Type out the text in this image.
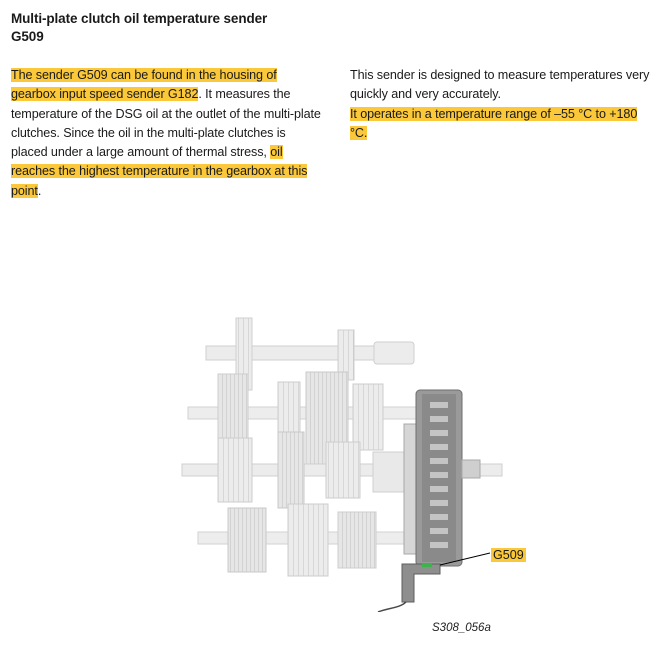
Multi-plate clutch oil temperature sender
G509

The sender G509 can be found in the housing of gearbox input speed sender G182. It measures the temperature of the DSG oil at the outlet of the multi-plate clutches. Since the oil in the multi-plate clutches is placed under a large amount of thermal stress, oil reaches the highest temperature in the gearbox at this point.

This sender is designed to measure temperatures very quickly and very accurately.

It operates in a temperature range of –55 °C to +180 °C.

G509
S308_056a
